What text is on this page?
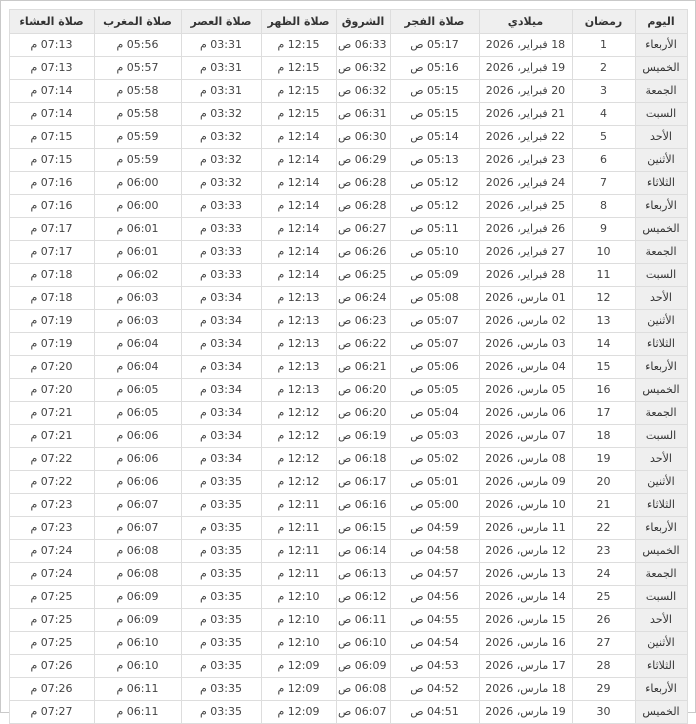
اليوم	رمضان	ميلادي	صلاة الفجر	الشروق	صلاة الظهر	صلاة العصر	صلاة المغرب	صلاة العشاء
الأربعاء	1	18 فبراير، 2026	05:17 ص	06:33 ص	12:15 م	03:31 م	05:56 م	07:13 م
الخميس	2	19 فبراير، 2026	05:16 ص	06:32 ص	12:15 م	03:31 م	05:57 م	07:13 م
الجمعة	3	20 فبراير، 2026	05:15 ص	06:32 ص	12:15 م	03:31 م	05:58 م	07:14 م
السبت	4	21 فبراير، 2026	05:15 ص	06:31 ص	12:15 م	03:32 م	05:58 م	07:14 م
الأحد	5	22 فبراير، 2026	05:14 ص	06:30 ص	12:14 م	03:32 م	05:59 م	07:15 م
الأثنين	6	23 فبراير، 2026	05:13 ص	06:29 ص	12:14 م	03:32 م	05:59 م	07:15 م
الثلاثاء	7	24 فبراير، 2026	05:12 ص	06:28 ص	12:14 م	03:32 م	06:00 م	07:16 م
الأربعاء	8	25 فبراير، 2026	05:12 ص	06:28 ص	12:14 م	03:33 م	06:00 م	07:16 م
الخميس	9	26 فبراير، 2026	05:11 ص	06:27 ص	12:14 م	03:33 م	06:01 م	07:17 م
الجمعة	10	27 فبراير، 2026	05:10 ص	06:26 ص	12:14 م	03:33 م	06:01 م	07:17 م
السبت	11	28 فبراير، 2026	05:09 ص	06:25 ص	12:14 م	03:33 م	06:02 م	07:18 م
الأحد	12	01 مارس، 2026	05:08 ص	06:24 ص	12:13 م	03:34 م	06:03 م	07:18 م
الأثنين	13	02 مارس، 2026	05:07 ص	06:23 ص	12:13 م	03:34 م	06:03 م	07:19 م
الثلاثاء	14	03 مارس، 2026	05:07 ص	06:22 ص	12:13 م	03:34 م	06:04 م	07:19 م
الأربعاء	15	04 مارس، 2026	05:06 ص	06:21 ص	12:13 م	03:34 م	06:04 م	07:20 م
الخميس	16	05 مارس، 2026	05:05 ص	06:20 ص	12:13 م	03:34 م	06:05 م	07:20 م
الجمعة	17	06 مارس، 2026	05:04 ص	06:20 ص	12:12 م	03:34 م	06:05 م	07:21 م
السبت	18	07 مارس، 2026	05:03 ص	06:19 ص	12:12 م	03:34 م	06:06 م	07:21 م
الأحد	19	08 مارس، 2026	05:02 ص	06:18 ص	12:12 م	03:34 م	06:06 م	07:22 م
الأثنين	20	09 مارس، 2026	05:01 ص	06:17 ص	12:12 م	03:35 م	06:06 م	07:22 م
الثلاثاء	21	10 مارس، 2026	05:00 ص	06:16 ص	12:11 م	03:35 م	06:07 م	07:23 م
الأربعاء	22	11 مارس، 2026	04:59 ص	06:15 ص	12:11 م	03:35 م	06:07 م	07:23 م
الخميس	23	12 مارس، 2026	04:58 ص	06:14 ص	12:11 م	03:35 م	06:08 م	07:24 م
الجمعة	24	13 مارس، 2026	04:57 ص	06:13 ص	12:11 م	03:35 م	06:08 م	07:24 م
السبت	25	14 مارس، 2026	04:56 ص	06:12 ص	12:10 م	03:35 م	06:09 م	07:25 م
الأحد	26	15 مارس، 2026	04:55 ص	06:11 ص	12:10 م	03:35 م	06:09 م	07:25 م
الأثنين	27	16 مارس، 2026	04:54 ص	06:10 ص	12:10 م	03:35 م	06:10 م	07:25 م
الثلاثاء	28	17 مارس، 2026	04:53 ص	06:09 ص	12:09 م	03:35 م	06:10 م	07:26 م
الأربعاء	29	18 مارس، 2026	04:52 ص	06:08 ص	12:09 م	03:35 م	06:11 م	07:26 م
الخميس	30	19 مارس، 2026	04:51 ص	06:07 ص	12:09 م	03:35 م	06:11 م	07:27 م
